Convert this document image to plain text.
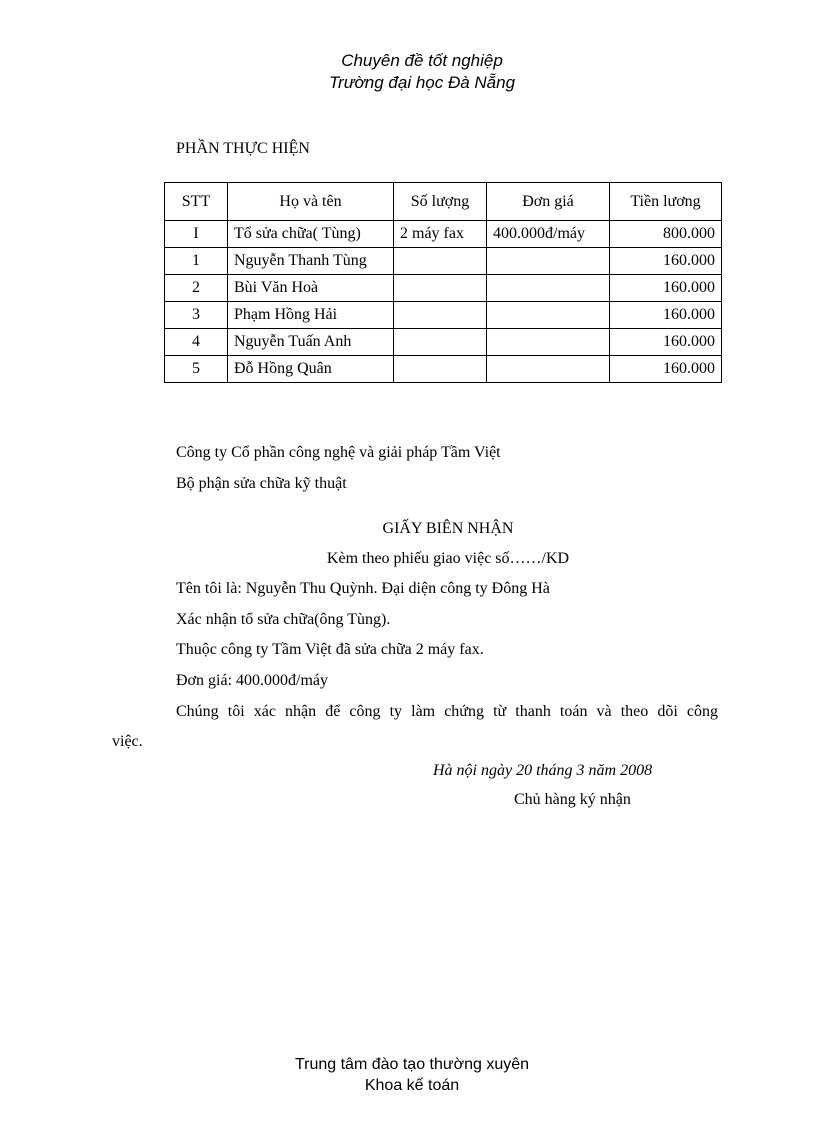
Chuyên đề tốt nghiệp
Trường đại học Đà Nẵng
PHẦN THỰC HIỆN
STT	Họ và tên	Số lượng	Đơn giá	Tiền lương
I	Tổ sửa chữa( Tùng)	2 máy fax	400.000đ/máy	800.000
1	Nguyễn Thanh Tùng			160.000
2	Bùi Văn Hoà			160.000
3	Phạm Hồng Hải			160.000
4	Nguyễn Tuấn Anh			160.000
5	Đỗ Hồng Quân			160.000
Công ty Cổ phần công nghệ và giải pháp Tầm Việt
Bộ phận sửa chữa kỹ thuật
GIẤY BIÊN NHẬN
Kèm theo phiếu giao việc số……/KD
Tên tôi là: Nguyễn Thu Quỳnh. Đại diện công ty Đông Hà
Xác nhận tổ sửa chữa(ông Tùng).
Thuộc công ty Tầm Việt đã sửa chữa 2 máy fax.
Đơn giá: 400.000đ/máy
Chúng tôi xác nhận để công ty làm chứng từ thanh toán và theo dõi công
việc.
Hà nội ngày 20 tháng 3 năm 2008
Chủ hàng ký nhận
Trung tâm đào tạo thường xuyên
Khoa kế toán
